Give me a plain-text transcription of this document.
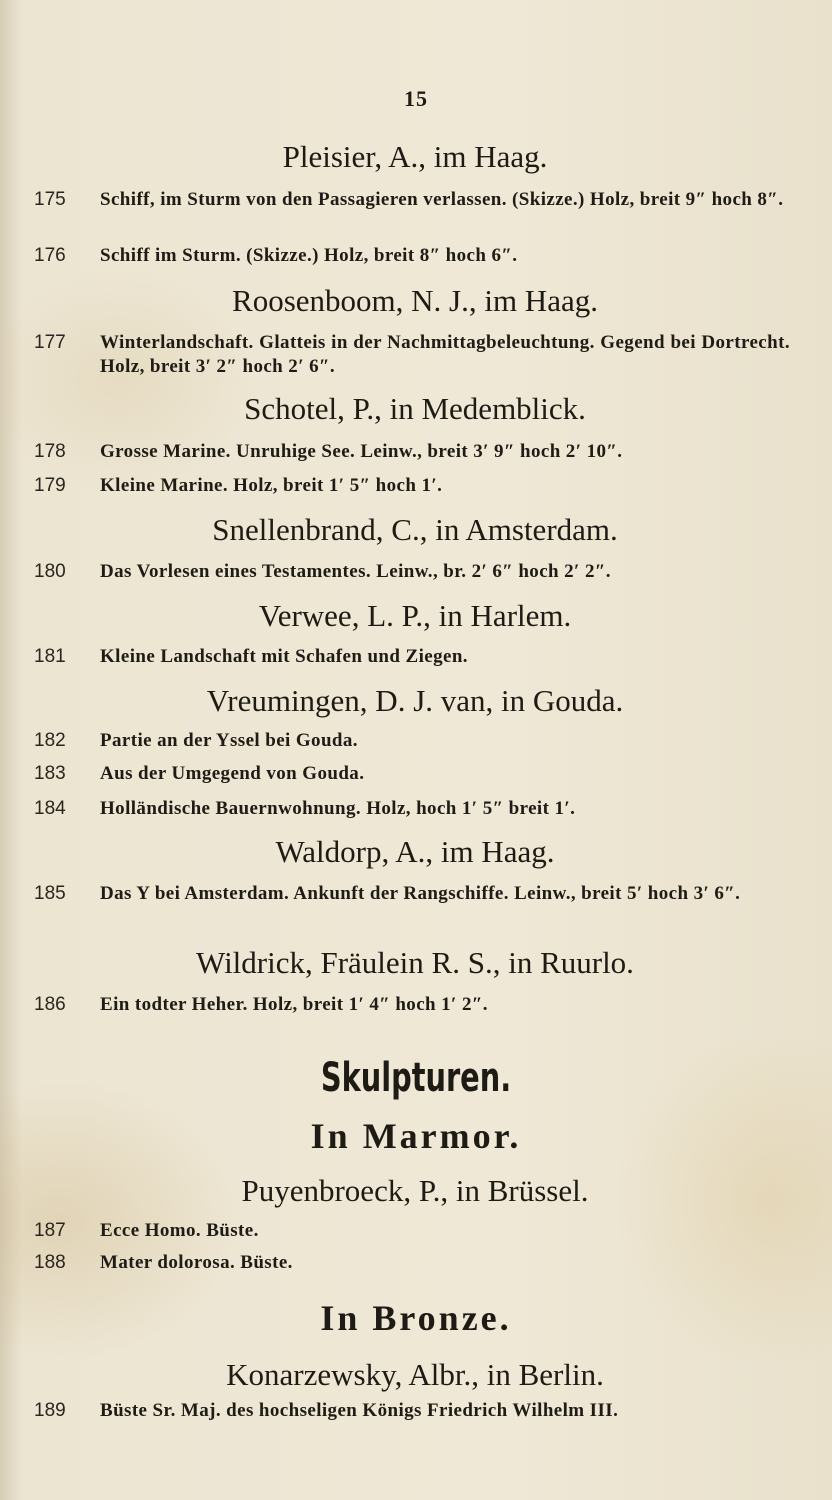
15
Pleisier, A., im Haag.
175	Schiff, im Sturm von den Passagieren verlassen. (Skizze.) Holz, breit 9″ hoch 8″.
176	Schiff im Sturm. (Skizze.) Holz, breit 8″ hoch 6″.
Roosenboom, N. J., im Haag.
177	Winterlandschaft. Glatteis in der Nachmittagbeleuchtung. Gegend bei Dortrecht. Holz, breit 3′ 2″ hoch 2′ 6″.
Schotel, P., in Medemblick.
178	Grosse Marine. Unruhige See. Leinw., breit 3′ 9″ hoch 2′ 10″.
179	Kleine Marine. Holz, breit 1′ 5″ hoch 1′.
Snellenbrand, C., in Amsterdam.
180	Das Vorlesen eines Testamentes. Leinw., br. 2′ 6″ hoch 2′ 2″.
Verwee, L. P., in Harlem.
181	Kleine Landschaft mit Schafen und Ziegen.
Vreumingen, D. J. van, in Gouda.
182	Partie an der Yssel bei Gouda.
183	Aus der Umgegend von Gouda.
184	Holländische Bauernwohnung. Holz, hoch 1′ 5″ breit 1′.
Waldorp, A., im Haag.
185	Das Y bei Amsterdam. Ankunft der Rangschiffe. Leinw., breit 5′ hoch 3′ 6″.
Wildrick, Fräulein R. S., in Ruurlo.
186	Ein todter Heher. Holz, breit 1′ 4″ hoch 1′ 2″.
Skulpturen.
In Marmor.
Puyenbroeck, P., in Brüssel.
187	Ecce Homo. Büste.
188	Mater dolorosa. Büste.
In Bronze.
Konarzewsky, Albr., in Berlin.
189	Büste Sr. Maj. des hochseligen Königs Friedrich Wilhelm III.
